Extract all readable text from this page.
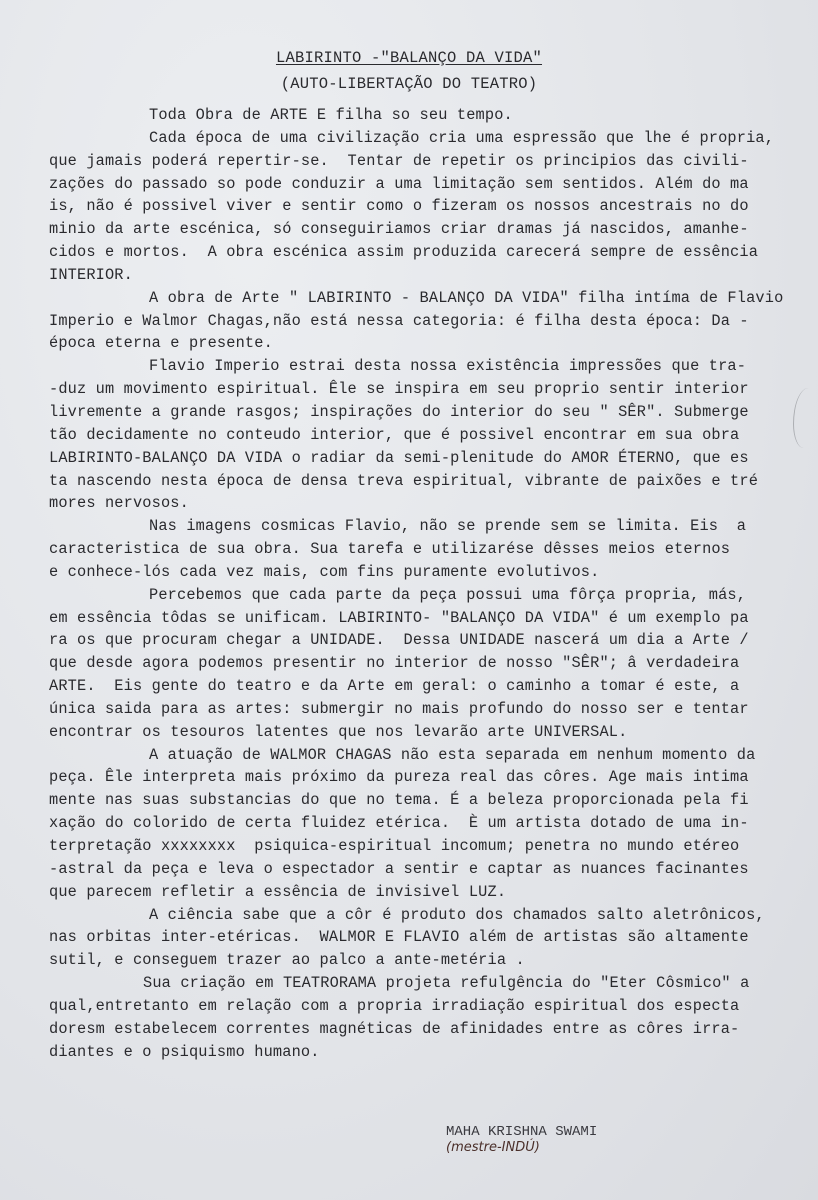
LABIRINTO -"BALANÇO DA VIDA"
(AUTO-LIBERTAÇÃO DO TEATRO)
Toda Obra de ARTE E filha so seu tempo.
Cada época de uma civilização cria uma espressão que lhe é propria,
que jamais poderá repertir-se.  Tentar de repetir os principios das civili-
zações do passado so pode conduzir a uma limitação sem sentidos. Além do ma
is, não é possivel viver e sentir como o fizeram os nossos ancestrais no do
minio da arte escénica, só conseguiriamos criar dramas já nascidos, amanhe-
cidos e mortos.  A obra escénica assim produzida carecerá sempre de essência
INTERIOR.
A obra de Arte " LABIRINTO - BALANÇO DA VIDA" filha intíma de Flavio
Imperio e Walmor Chagas,não está nessa categoria: é filha desta época: Da -
época eterna e presente.
Flavio Imperio estrai desta nossa existência impressões que tra-
-duz um movimento espiritual. Êle se inspira em seu proprio sentir interior
livremente a grande rasgos; inspirações do interior do seu " SÊR". Submerge
tão decidamente no conteudo interior, que é possivel encontrar em sua obra
LABIRINTO-BALANÇO DA VIDA o radiar da semi-plenitude do AMOR ÉTERNO, que es
ta nascendo nesta época de densa treva espiritual, vibrante de paixões e tré
mores nervosos.
Nas imagens cosmicas Flavio, não se prende sem se limita. Eis  a
caracteristica de sua obra. Sua tarefa e utilizarése dêsses meios eternos
e conhece-lós cada vez mais, com fins puramente evolutivos.
Percebemos que cada parte da peça possui uma fôrça propria, más,
em essência tôdas se unificam. LABIRINTO- "BALANÇO DA VIDA" é um exemplo pa
ra os que procuram chegar a UNIDADE.  Dessa UNIDADE nascerá um dia a Arte /
que desde agora podemos presentir no interior de nosso "SÊR"; â verdadeira
ARTE.  Eis gente do teatro e da Arte em geral: o caminho a tomar é este, a
única saida para as artes: submergir no mais profundo do nosso ser e tentar
encontrar os tesouros latentes que nos levarão arte UNIVERSAL.
A atuação de WALMOR CHAGAS não esta separada em nenhum momento da
peça. Êle interpreta mais próximo da pureza real das côres. Age mais intima
mente nas suas substancias do que no tema. É a beleza proporcionada pela fi
xação do colorido de certa fluidez etérica.  È um artista dotado de uma in-
terpretação xxxxxxxx  psiquica-espiritual incomum; penetra no mundo etéreo
-astral da peça e leva o espectador a sentir e captar as nuances facinantes
que parecem refletir a essência de invisivel LUZ.
A ciência sabe que a côr é produto dos chamados salto aletrônicos,
nas orbitas inter-etéricas.  WALMOR E FLAVIO além de artistas são altamente
sutil, e conseguem trazer ao palco a ante-metéria .
Sua criação em TEATRORAMA projeta refulgência do "Eter Côsmico" a
qual,entretanto em relação com a propria irradiação espiritual dos especta
doresm estabelecem correntes magnéticas de afinidades entre as côres irra-
diantes e o psiquismo humano.
MAHA KRISHNA SWAMI
(mestre-INDÚ)
